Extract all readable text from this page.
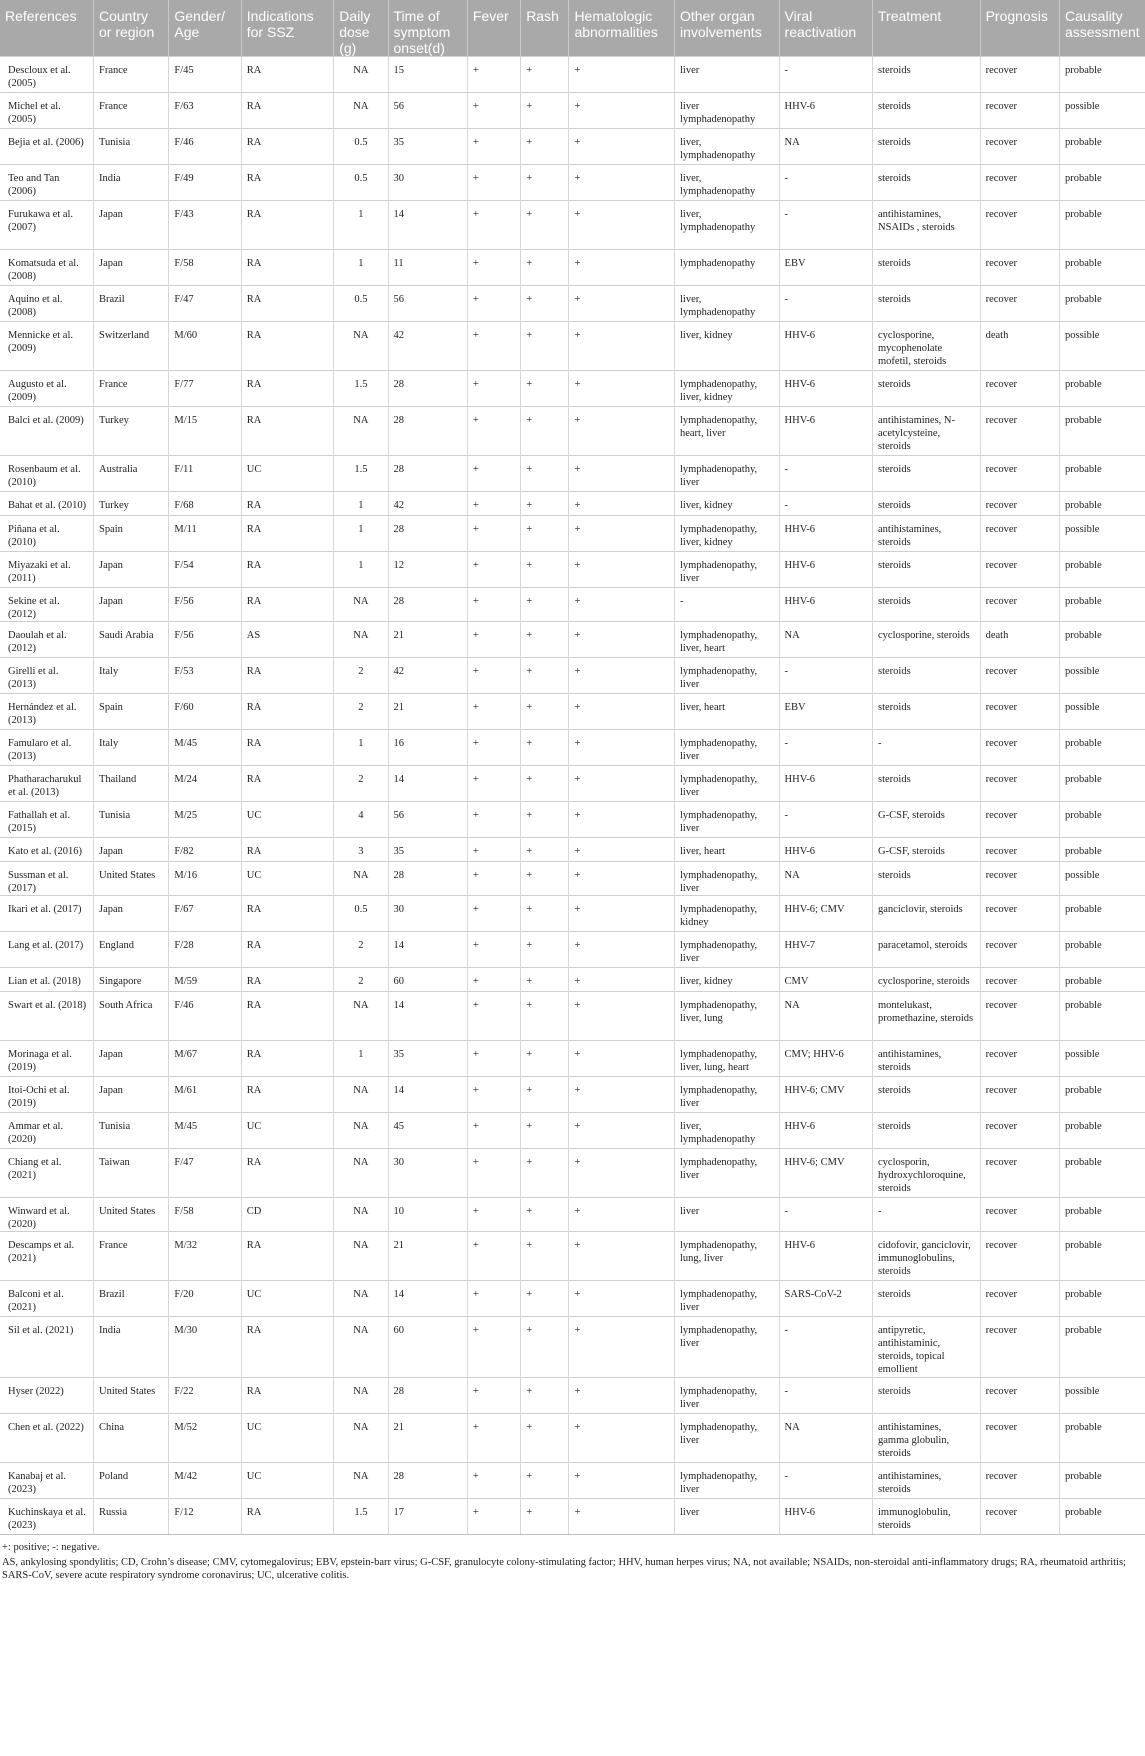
References	Country or region	Gender/ Age	Indications for SSZ	Daily dose (g)	Time of symptom onset(d)	Fever	Rash	Hematologic abnormalities	Other organ involvements	Viral reactivation	Treatment	Prognosis	Causality assessment
Descloux et al. (2005)	France	F/45	RA	NA	15	+	+	+	liver	-	steroids	recover	probable
Michel et al. (2005)	France	F/63	RA	NA	56	+	+	+	liver lymphadenopathy	HHV-6	steroids	recover	possible
Bejia et al. (2006)	Tunisia	F/46	RA	0.5	35	+	+	+	liver, lymphadenopathy	NA	steroids	recover	probable
Teo and Tan (2006)	India	F/49	RA	0.5	30	+	+	+	liver, lymphadenopathy	-	steroids	recover	probable
Furukawa et al. (2007)	Japan	F/43	RA	1	14	+	+	+	liver, lymphadenopathy	-	antihistamines, NSAIDs , steroids	recover	probable
Komatsuda et al. (2008)	Japan	F/58	RA	1	11	+	+	+	lymphadenopathy	EBV	steroids	recover	probable
Aquino et al. (2008)	Brazil	F/47	RA	0.5	56	+	+	+	liver, lymphadenopathy	-	steroids	recover	probable
Mennicke et al. (2009)	Switzerland	M/60	RA	NA	42	+	+	+	liver, kidney	HHV-6	cyclosporine, mycophenolate mofetil, steroids	death	possible
Augusto et al. (2009)	France	F/77	RA	1.5	28	+	+	+	lymphadenopathy, liver, kidney	HHV-6	steroids	recover	probable
Balci et al. (2009)	Turkey	M/15	RA	NA	28	+	+	+	lymphadenopathy, heart, liver	HHV-6	antihistamines, N-acetylcysteine, steroids	recover	probable
Rosenbaum et al. (2010)	Australia	F/11	UC	1.5	28	+	+	+	lymphadenopathy, liver	-	steroids	recover	probable
Bahat et al. (2010)	Turkey	F/68	RA	1	42	+	+	+	liver, kidney	-	steroids	recover	probable
Piñana et al. (2010)	Spain	M/11	RA	1	28	+	+	+	lymphadenopathy, liver, kidney	HHV-6	antihistamines, steroids	recover	possible
Miyazaki et al. (2011)	Japan	F/54	RA	1	12	+	+	+	lymphadenopathy, liver	HHV-6	steroids	recover	probable
Sekine et al. (2012)	Japan	F/56	RA	NA	28	+	+	+	-	HHV-6	steroids	recover	probable
Daoulah et al. (2012)	Saudi Arabia	F/56	AS	NA	21	+	+	+	lymphadenopathy, liver, heart	NA	cyclosporine, steroids	death	probable
Girelli et al. (2013)	Italy	F/53	RA	2	42	+	+	+	lymphadenopathy, liver	-	steroids	recover	possible
Hernández et al. (2013)	Spain	F/60	RA	2	21	+	+	+	liver, heart	EBV	steroids	recover	possible
Famularo et al. (2013)	Italy	M/45	RA	1	16	+	+	+	lymphadenopathy, liver	-	-	recover	probable
Phatharacharukul et al. (2013)	Thailand	M/24	RA	2	14	+	+	+	lymphadenopathy, liver	HHV-6	steroids	recover	probable
Fathallah et al. (2015)	Tunisia	M/25	UC	4	56	+	+	+	lymphadenopathy, liver	-	G-CSF, steroids	recover	probable
Kato et al. (2016)	Japan	F/82	RA	3	35	+	+	+	liver, heart	HHV-6	G-CSF, steroids	recover	probable
Sussman et al. (2017)	United States	M/16	UC	NA	28	+	+	+	lymphadenopathy, liver	NA	steroids	recover	possible
Ikari et al. (2017)	Japan	F/67	RA	0.5	30	+	+	+	lymphadenopathy, kidney	HHV-6; CMV	ganciclovir, steroids	recover	probable
Lang et al. (2017)	England	F/28	RA	2	14	+	+	+	lymphadenopathy, liver	HHV-7	paracetamol, steroids	recover	probable
Lian et al. (2018)	Singapore	M/59	RA	2	60	+	+	+	liver, kidney	CMV	cyclosporine, steroids	recover	probable
Swart et al. (2018)	South Africa	F/46	RA	NA	14	+	+	+	lymphadenopathy, liver, lung	NA	montelukast, promethazine, steroids	recover	probable
Morinaga et al. (2019)	Japan	M/67	RA	1	35	+	+	+	lymphadenopathy, liver, lung, heart	CMV; HHV-6	antihistamines, steroids	recover	possible
Itoi-Ochi et al. (2019)	Japan	M/61	RA	NA	14	+	+	+	lymphadenopathy, liver	HHV-6; CMV	steroids	recover	probable
Ammar et al. (2020)	Tunisia	M/45	UC	NA	45	+	+	+	liver, lymphadenopathy	HHV-6	steroids	recover	probable
Chiang et al. (2021)	Taiwan	F/47	RA	NA	30	+	+	+	lymphadenopathy, liver	HHV-6; CMV	cyclosporin, hydroxychloroquine, steroids	recover	probable
Winward et al. (2020)	United States	F/58	CD	NA	10	+	+	+	liver	-	-	recover	probable
Descamps et al. (2021)	France	M/32	RA	NA	21	+	+	+	lymphadenopathy, lung, liver	HHV-6	cidofovir, ganciclovir, immunoglobulins, steroids	recover	probable
Balconi et al. (2021)	Brazil	F/20	UC	NA	14	+	+	+	lymphadenopathy, liver	SARS-CoV-2	steroids	recover	probable
Sil et al. (2021)	India	M/30	RA	NA	60	+	+	+	lymphadenopathy, liver	-	antipyretic, antihistaminic, steroids, topical emollient	recover	probable
Hyser (2022)	United States	F/22	RA	NA	28	+	+	+	lymphadenopathy, liver	-	steroids	recover	possible
Chen et al. (2022)	China	M/52	UC	NA	21	+	+	+	lymphadenopathy, liver	NA	antihistamines, gamma globulin, steroids	recover	probable
Kanabaj et al. (2023)	Poland	M/42	UC	NA	28	+	+	+	lymphadenopathy, liver	-	antihistamines, steroids	recover	probable
Kuchinskaya et al. (2023)	Russia	F/12	RA	1.5	17	+	+	+	liver	HHV-6	immunoglobulin, steroids	recover	probable
+: positive; -: negative.
AS, ankylosing spondylitis; CD, Crohn’s disease; CMV, cytomegalovirus; EBV, epstein-barr virus; G-CSF, granulocyte colony-stimulating factor; HHV, human herpes virus; NA, not available; NSAIDs, non-steroidal anti-inflammatory drugs; RA, rheumatoid arthritis; SARS-CoV, severe acute respiratory syndrome coronavirus; UC, ulcerative colitis.
